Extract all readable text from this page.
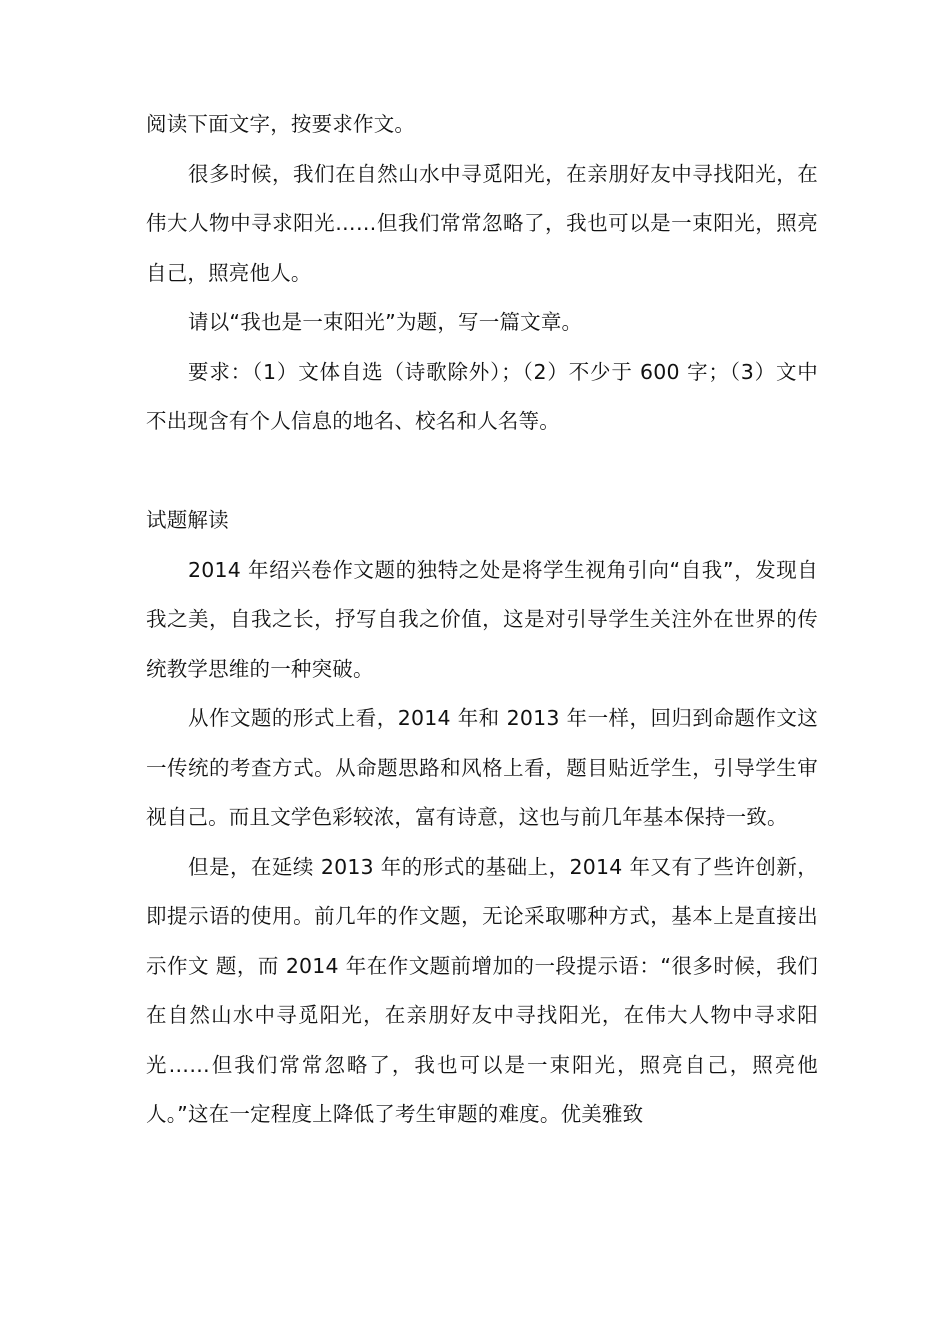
阅读下面文字，按要求作文。

很多时候，我们在自然山水中寻觅阳光，在亲朋好友中寻找阳光，在伟大人物中寻求阳光……但我们常常忽略了，我也可以是一束阳光，照亮自己，照亮他人。

请以“我也是一束阳光”为题，写一篇文章。

要求：（1）文体自选（诗歌除外）；（2）不少于 600 字；（3）文中不出现含有个人信息的地名、校名和人名等。

试题解读

2014 年绍兴卷作文题的独特之处是将学生视角引向“自我”，发现自我之美，自我之长，抒写自我之价值，这是对引导学生关注外在世界的传统教学思维的一种突破。

从作文题的形式上看，2014 年和 2013 年一样，回归到命题作文这一传统的考查方式。从命题思路和风格上看，题目贴近学生，引导学生审视自己。而且文学色彩较浓，富有诗意，这也与前几年基本保持一致。

但是，在延续 2013 年的形式的基础上，2014 年又有了些许创新，即提示语的使用。前几年的作文题，无论采取哪种方式，基本上是直接出示作文 题，而 2014 年在作文题前增加的一段提示语：“很多时候，我们在自然山水中寻觅阳光，在亲朋好友中寻找阳光，在伟大人物中寻求阳光……但我们常常忽略了，我也可以是一束阳光，照亮自己，照亮他人。”这在一定程度上降低了考生审题的难度。优美雅致
